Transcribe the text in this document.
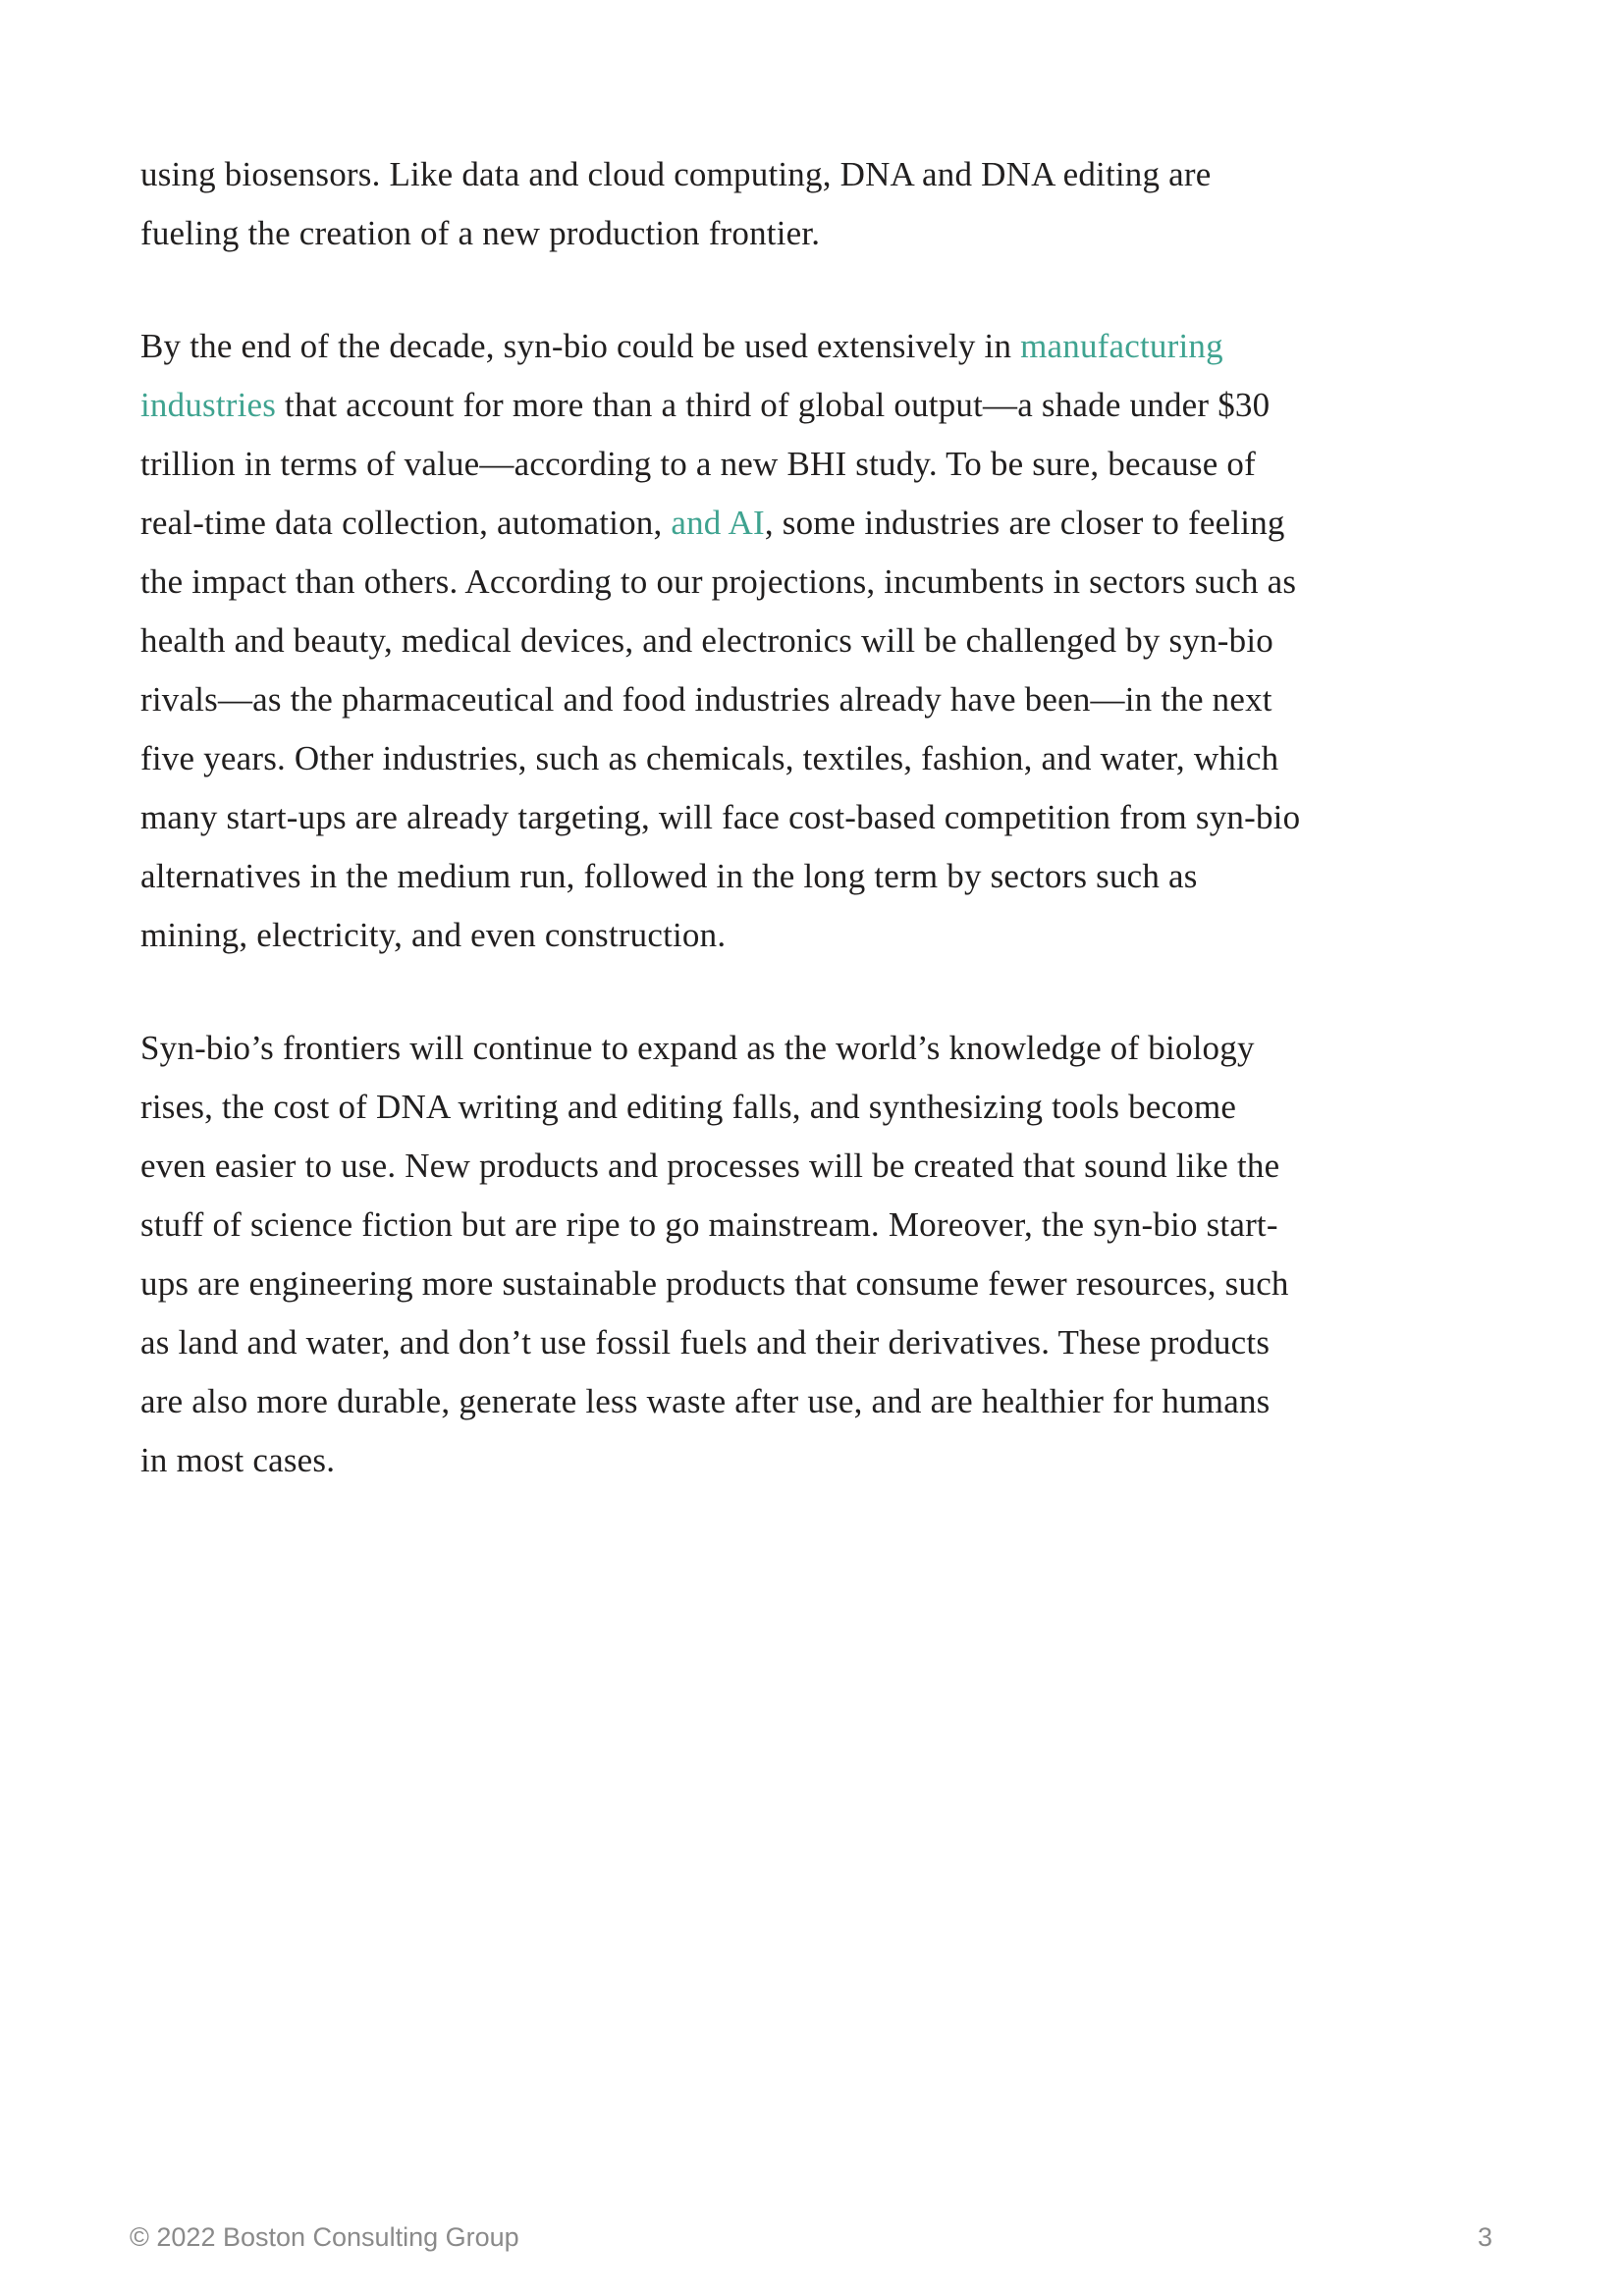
using biosensors. Like data and cloud computing, DNA and DNA editing are
fueling the creation of a new production frontier.

By the end of the decade, syn-bio could be used extensively in manufacturing
industries that account for more than a third of global output—a shade under $30
trillion in terms of value—according to a new BHI study. To be sure, because of
real-time data collection, automation, and AI, some industries are closer to feeling
the impact than others. According to our projections, incumbents in sectors such as
health and beauty, medical devices, and electronics will be challenged by syn-bio
rivals—as the pharmaceutical and food industries already have been—in the next
five years. Other industries, such as chemicals, textiles, fashion, and water, which
many start-ups are already targeting, will face cost-based competition from syn-bio
alternatives in the medium run, followed in the long term by sectors such as
mining, electricity, and even construction.

Syn-bio’s frontiers will continue to expand as the world’s knowledge of biology
rises, the cost of DNA writing and editing falls, and synthesizing tools become
even easier to use. New products and processes will be created that sound like the
stuff of science fiction but are ripe to go mainstream. Moreover, the syn-bio start-
ups are engineering more sustainable products that consume fewer resources, such
as land and water, and don’t use fossil fuels and their derivatives. These products
are also more durable, generate less waste after use, and are healthier for humans
in most cases.

© 2022 Boston Consulting Group	3
